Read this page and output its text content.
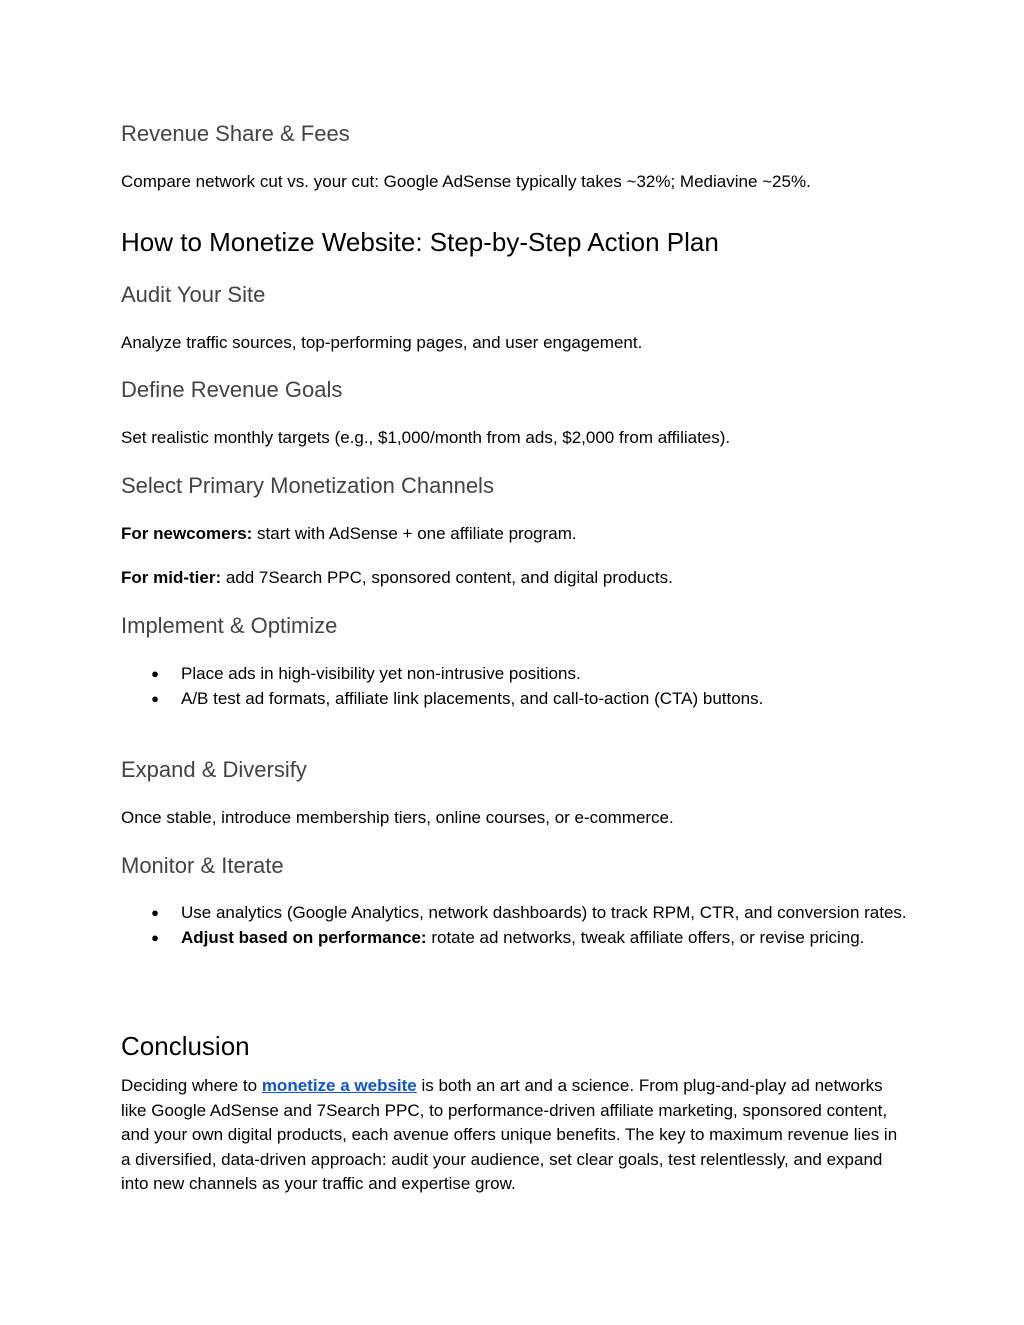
Revenue Share & Fees

Compare network cut vs. your cut: Google AdSense typically takes ~32%; Mediavine ~25%.

How to Monetize Website: Step-by-Step Action Plan
Audit Your Site

Analyze traffic sources, top-performing pages, and user engagement.

Define Revenue Goals

Set realistic monthly targets (e.g., $1,000/month from ads, $2,000 from affiliates).

Select Primary Monetization Channels

For newcomers: start with AdSense + one affiliate program.

For mid-tier: add 7Search PPC, sponsored content, and digital products.

Implement & Optimize
● Place ads in high-visibility yet non-intrusive positions.
● A/B test ad formats, affiliate link placements, and call-to-action (CTA) buttons.
Expand & Diversify

Once stable, introduce membership tiers, online courses, or e-commerce.

Monitor & Iterate
● Use analytics (Google Analytics, network dashboards) to track RPM, CTR, and conversion rates.
● Adjust based on performance: rotate ad networks, tweak affiliate offers, or revise pricing.
Conclusion

Deciding where to monetize a website is both an art and a science. From plug-and-play ad networks like Google AdSense and 7Search PPC, to performance-driven affiliate marketing, sponsored content, and your own digital products, each avenue offers unique benefits. The key to maximum revenue lies in a diversified, data-driven approach: audit your audience, set clear goals, test relentlessly, and expand into new channels as your traffic and expertise grow.
